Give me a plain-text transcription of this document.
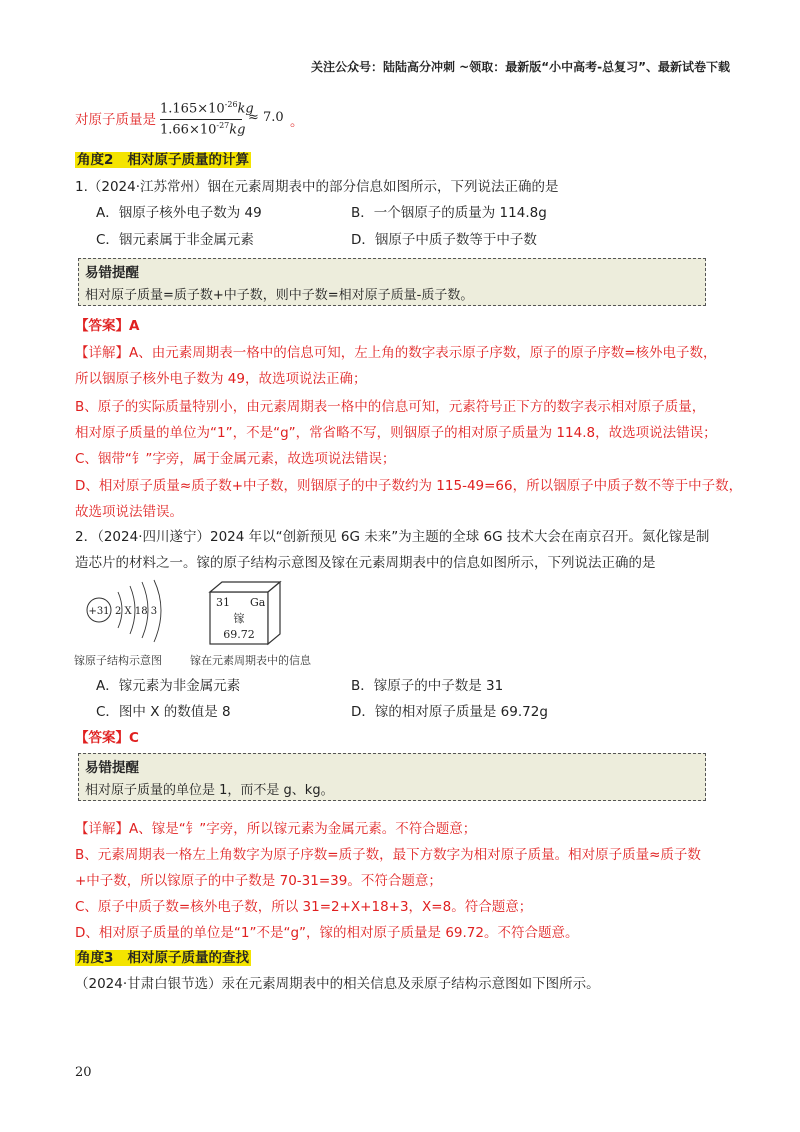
关注公众号：陆陆高分冲刺 ~领取：最新版“小中高考-总复习”、最新试卷下载
对原子质量是
$1.165\times 10^{-26}kg$
$1.66\times 10^{-27}kg$
≈ 7.0 。
角度2 相对原子质量的计算
1.（2024·江苏常州）铟在元素周期表中的部分信息如图所示，下列说法正确的是
A．铟原子核外电子数为 49	B．一个铟原子的质量为 114.8g
C．铟元素属于非金属元素	D．铟原子中质子数等于中子数
易错提醒
相对原子质量=质子数+中子数，则中子数=相对原子质量-质子数。
【答案】A
【详解】A、由元素周期表一格中的信息可知，左上角的数字表示原子序数，原子的原子序数=核外电子数，
所以铟原子核外电子数为 49，故选项说法正确；
B、原子的实际质量特别小，由元素周期表一格中的信息可知，元素符号正下方的数字表示相对原子质量，
相对原子质量的单位为“1”，不是“g”，常省略不写，则铟原子的相对原子质量为 114.8，故选项说法错误；
C、铟带“钅”字旁，属于金属元素，故选项说法错误；
D、相对原子质量≈质子数+中子数，则铟原子的中子数约为 115-49=66，所以铟原子中质子数不等于中子数，
故选项说法错误。
2．（2024·四川遂宁）2024 年以“创新预见 6G 未来”为主题的全球 6G 技术大会在南京召开。氮化镓是制
造芯片的材料之一。镓的原子结构示意图及镓在元素周期表中的信息如图所示，下列说法正确的是
+31 2 X 18 3
镓原子结构示意图
31 Ga
镓
69.72
镓在元素周期表中的信息
A．镓元素为非金属元素	B．镓原子的中子数是 31
C．图中 X 的数值是 8	D．镓的相对原子质量是 69.72g
【答案】C
易错提醒
相对原子质量的单位是 1，而不是 g、kg。
【详解】A、镓是“钅”字旁，所以镓元素为金属元素。不符合题意；
B、元素周期表一格左上角数字为原子序数=质子数，最下方数字为相对原子质量。相对原子质量≈质子数
+中子数，所以镓原子的中子数是 70-31=39。不符合题意；
C、原子中质子数=核外电子数，所以 31=2+X+18+3，X=8。符合题意；
D、相对原子质量的单位是“1”不是“g”，镓的相对原子质量是 69.72。不符合题意。
角度3 相对原子质量的查找
（2024·甘肃白银节选）汞在元素周期表中的相关信息及汞原子结构示意图如下图所示。
20
